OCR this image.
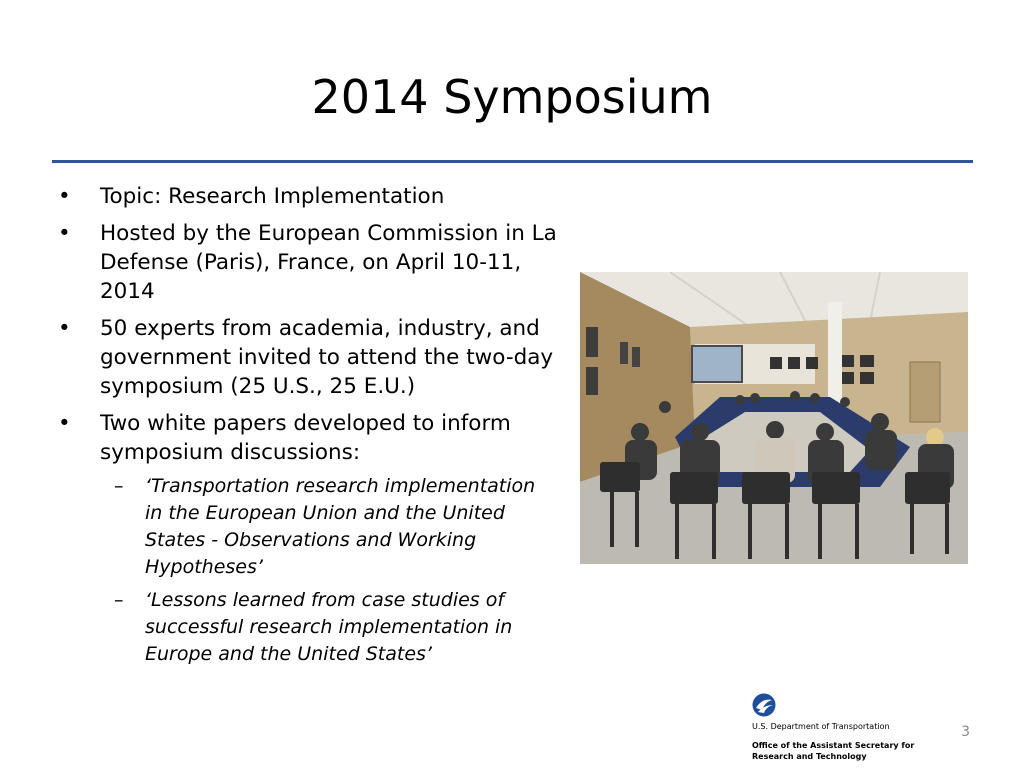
2014 Symposium
• Topic: Research Implementation
• Hosted by the European Commission in La Defense (Paris), France, on April 10-11, 2014
• 50 experts from academia, industry, and government invited to attend the two-day symposium (25 U.S., 25 E.U.)
• Two white papers developed to inform symposium discussions:
– ‘Transportation research implementation in the European Union and the United States - Observations and Working Hypotheses’
– ‘Lessons learned from case studies of successful research implementation in Europe and the United States’
U.S. Department of Transportation
Office of the Assistant Secretary for Research and Technology
3
